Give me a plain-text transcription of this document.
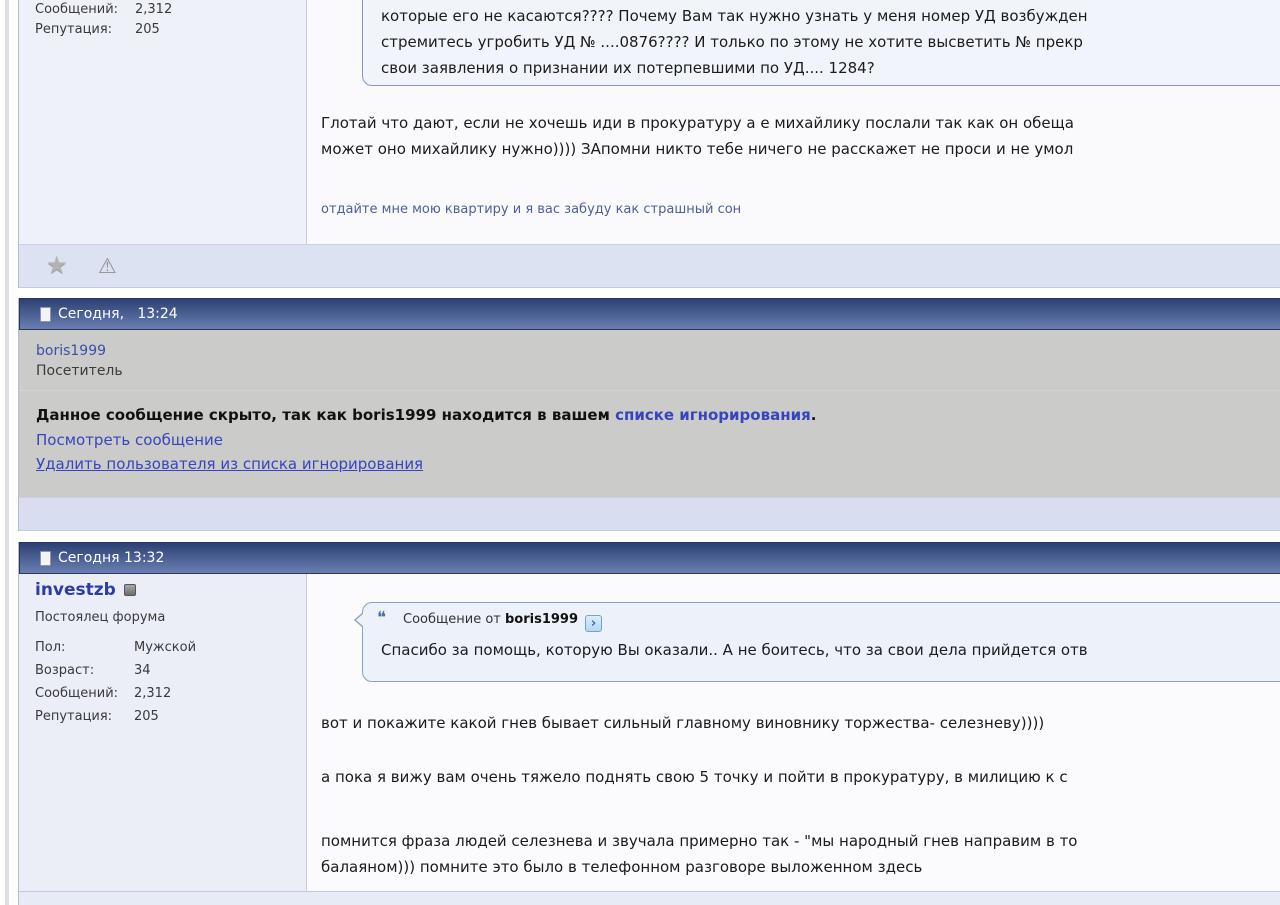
Сообщений: 2,312
Репутация: 205
которые его не касаются???? Почему Вам так нужно узнать у меня номер УД возбужден
стремитесь угробить УД № ....0876???? И только по этому не хотите высветить № прекр
свои заявления о признании их потерпевшими по УД.... 1284?
Глотай что дают, если не хочешь иди в прокуратуру а е михайлику послали так как он обеща
может оно михайлику нужно)))) ЗАпомни никто тебе ничего не расскажет не проси и не умол
отдайте мне мою квартиру и я вас забуду как страшный сон
★ ⚠
Сегодня,   13:24
boris1999
Посетитель
Данное сообщение скрыто, так как boris1999 находится в вашем списке игнорирования.
Посмотреть сообщение
Удалить пользователя из списка игнорирования
Сегодня 13:32
investzb
Постоялец форума
Пол:	Мужской
Возраст:	34
Сообщений: 2,312
Репутация: 205
❝ Сообщение от boris1999 ›
Спасибо за помощь, которую Вы оказали.. А не боитесь, что за свои дела прийдется отв
вот и покажите какой гнев бывает сильный главному виновнику торжества- селезневу))))
а пока я вижу вам очень тяжело поднять свою 5 точку и пойти в прокуратуру, в милицию к с
помнится фраза людей селезнева и звучала примерно так - "мы народный гнев направим в то
балаяном))) помните это было в телефонном разговоре выложенном здесь
